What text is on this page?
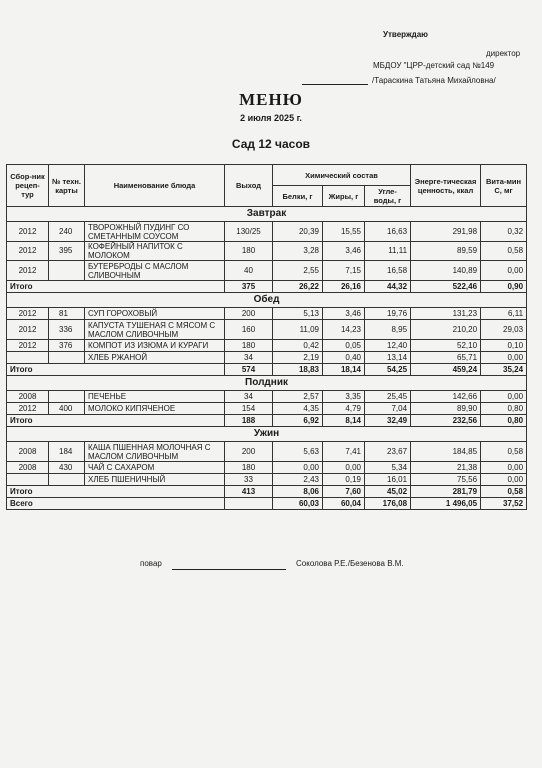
Утверждаю
директор
МБДОУ "ЦРР-детский сад №149
/Тараскина Татьяна Михайловна/
МЕНЮ
2 июля 2025 г.
Сад 12 часов
Сбор-ник рецеп-тур	№ техн. карты	Наименование блюда	Выход	Химический состав			Энерге-тическая ценность, ккал	Вита-мин С, мг
				Белки, г	Жиры, г	Угле-воды, г		
Завтрак								
2012	240	ТВОРОЖНЫЙ ПУДИНГ СО СМЕТАННЫМ СОУСОМ	130/25	20,39	15,55	16,63	291,98	0,32
2012	395	КОФЕЙНЫЙ НАПИТОК С МОЛОКОМ	180	3,28	3,46	11,11	89,59	0,58
2012		БУТЕРБРОДЫ С МАСЛОМ СЛИВОЧНЫМ	40	2,55	7,15	16,58	140,89	0,00
Итого			375	26,22	26,16	44,32	522,46	0,90
Обед								
2012	81	СУП ГОРОХОВЫЙ	200	5,13	3,46	19,76	131,23	6,11
2012	336	КАПУСТА ТУШЕНАЯ С МЯСОМ С МАСЛОМ СЛИВОЧНЫМ	160	11,09	14,23	8,95	210,20	29,03
2012	376	КОМПОТ ИЗ ИЗЮМА И КУРАГИ	180	0,42	0,05	12,40	52,10	0,10
		ХЛЕБ РЖАНОЙ	34	2,19	0,40	13,14	65,71	0,00
Итого			574	18,83	18,14	54,25	459,24	35,24
Полдник								
2008		ПЕЧЕНЬЕ	34	2,57	3,35	25,45	142,66	0,00
2012	400	МОЛОКО КИПЯЧЕНОЕ	154	4,35	4,79	7,04	89,90	0,80
Итого			188	6,92	8,14	32,49	232,56	0,80
Ужин								
2008	184	КАША ПШЕННАЯ МОЛОЧНАЯ С МАСЛОМ СЛИВОЧНЫМ	200	5,63	7,41	23,67	184,85	0,58
2008	430	ЧАЙ С САХАРОМ	180	0,00	0,00	5,34	21,38	0,00
		ХЛЕБ ПШЕНИЧНЫЙ	33	2,43	0,19	16,01	75,56	0,00
Итого			413	8,06	7,60	45,02	281,79	0,58
Всего				60,03	60,04	176,08	1 496,05	37,52
повар	Соколова Р.Е./Безенова В.М.
